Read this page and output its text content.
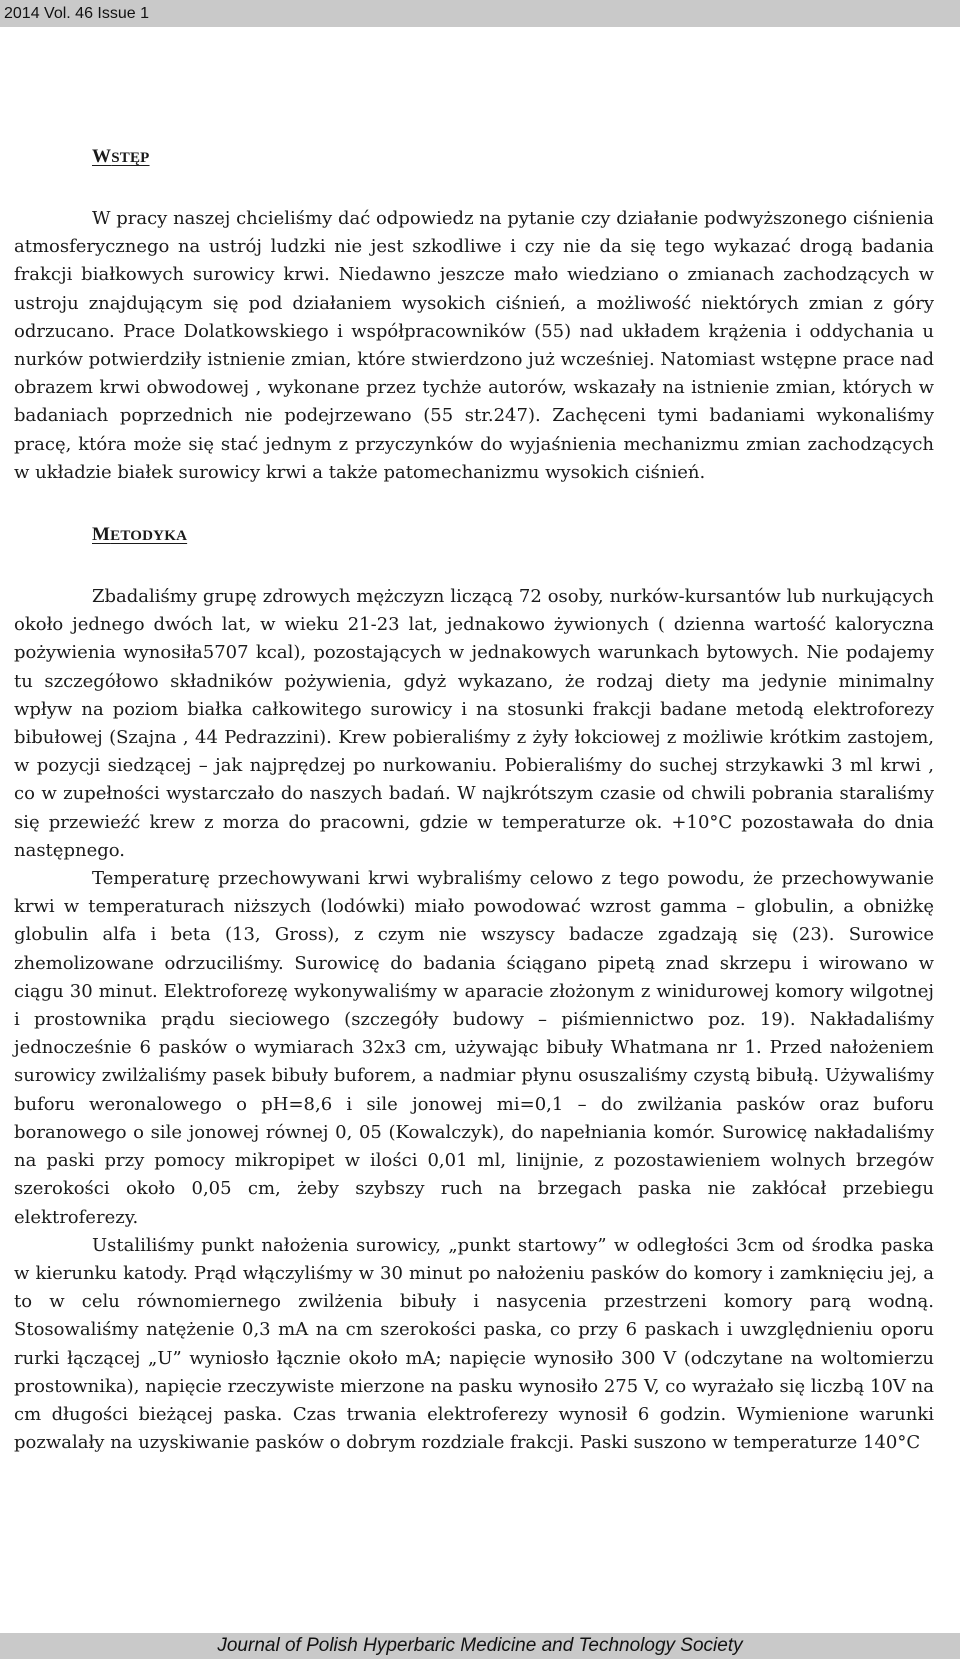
2014 Vol. 46 Issue 1
WSTĘP

W pracy naszej chcieliśmy dać odpowiedz na pytanie czy działanie podwyższonego ciśnienia atmosferycznego na ustrój ludzki nie jest szkodliwe i czy nie da się tego wykazać drogą badania frakcji białkowych surowicy krwi. Niedawno jeszcze mało wiedziano o zmianach zachodzących w ustroju znajdującym się pod działaniem wysokich ciśnień, a możliwość niektórych zmian z góry odrzucano. Prace Dolatkowskiego i współpracowników (55) nad układem krążenia i oddychania u nurków potwierdziły istnienie zmian, które stwierdzono już wcześniej. Natomiast wstępne prace nad obrazem krwi obwodowej , wykonane przez tychże autorów, wskazały na istnienie zmian, których w badaniach poprzednich nie podejrzewano (55 str.247). Zachęceni tymi badaniami wykonaliśmy pracę, która może się stać jednym z przyczynków do wyjaśnienia mechanizmu zmian zachodzących w układzie białek surowicy krwi a także patomechanizmu wysokich ciśnień.

METODYKA

Zbadaliśmy grupę zdrowych mężczyzn liczącą 72 osoby, nurków-kursantów lub nurkujących około jednego dwóch lat, w wieku 21-23 lat, jednakowo żywionych ( dzienna wartość kaloryczna pożywienia wynosiła5707 kcal), pozostających w jednakowych warunkach bytowych. Nie podajemy tu szczegółowo składników pożywienia, gdyż wykazano, że rodzaj diety ma jedynie minimalny wpływ na poziom białka całkowitego surowicy i na stosunki frakcji badane metodą elektroforezy bibułowej (Szajna , 44 Pedrazzini). Krew pobieraliśmy z żyły łokciowej z możliwie krótkim zastojem, w pozycji siedzącej – jak najprędzej po nurkowaniu. Pobieraliśmy do suchej strzykawki 3 ml krwi , co w zupełności wystarczało do naszych badań. W najkrótszym czasie od chwili pobrania staraliśmy się przewieźć krew z morza do pracowni, gdzie w temperaturze ok. +10°C pozostawała do dnia następnego.

Temperaturę przechowywani krwi wybraliśmy celowo z tego powodu, że przechowywanie krwi w temperaturach niższych (lodówki) miało powodować wzrost gamma – globulin, a obniżkę globulin alfa i beta (13, Gross), z czym nie wszyscy badacze zgadzają się (23). Surowice zhemolizowane odrzuciliśmy. Surowicę do badania ściągano pipetą znad skrzepu i wirowano w ciągu 30 minut. Elektroforezę wykonywaliśmy w aparacie złożonym z winidurowej komory wilgotnej i prostownika prądu sieciowego (szczegóły budowy – piśmiennictwo poz. 19). Nakładaliśmy jednocześnie 6 pasków o wymiarach 32x3 cm, używając bibuły Whatmana nr 1. Przed nałożeniem surowicy zwilżaliśmy pasek bibuły buforem, a nadmiar płynu osuszaliśmy czystą bibułą. Używaliśmy buforu weronalowego o pH=8,6 i sile jonowej mi=0,1 – do zwilżania pasków oraz buforu boranowego o sile jonowej równej 0, 05 (Kowalczyk), do napełniania komór. Surowicę nakładaliśmy na paski przy pomocy mikropipet w ilości 0,01 ml, linijnie, z pozostawieniem wolnych brzegów szerokości około 0,05 cm, żeby szybszy ruch na brzegach paska nie zakłócał przebiegu elektroferezy.

Ustaliliśmy punkt nałożenia surowicy, „punkt startowy” w odległości 3cm od środka paska w kierunku katody. Prąd włączyliśmy w 30 minut po nałożeniu pasków do komory i zamknięciu jej, a to w celu równomiernego zwilżenia bibuły i nasycenia przestrzeni komory parą wodną. Stosowaliśmy natężenie 0,3 mA na cm szerokości paska, co przy 6 paskach i uwzględnieniu oporu rurki łączącej „U” wyniosło łącznie około mA; napięcie wynosiło 300 V (odczytane na woltomierzu prostownika), napięcie rzeczywiste mierzone na pasku wynosiło 275 V, co wyrażało się liczbą 10V na cm długości bieżącej paska. Czas trwania elektroferezy wynosił 6 godzin. Wymienione warunki pozwalały na uzyskiwanie pasków o dobrym rozdziale frakcji. Paski suszono w temperaturze 140°C

Journal of Polish Hyperbaric Medicine and Technology Society
